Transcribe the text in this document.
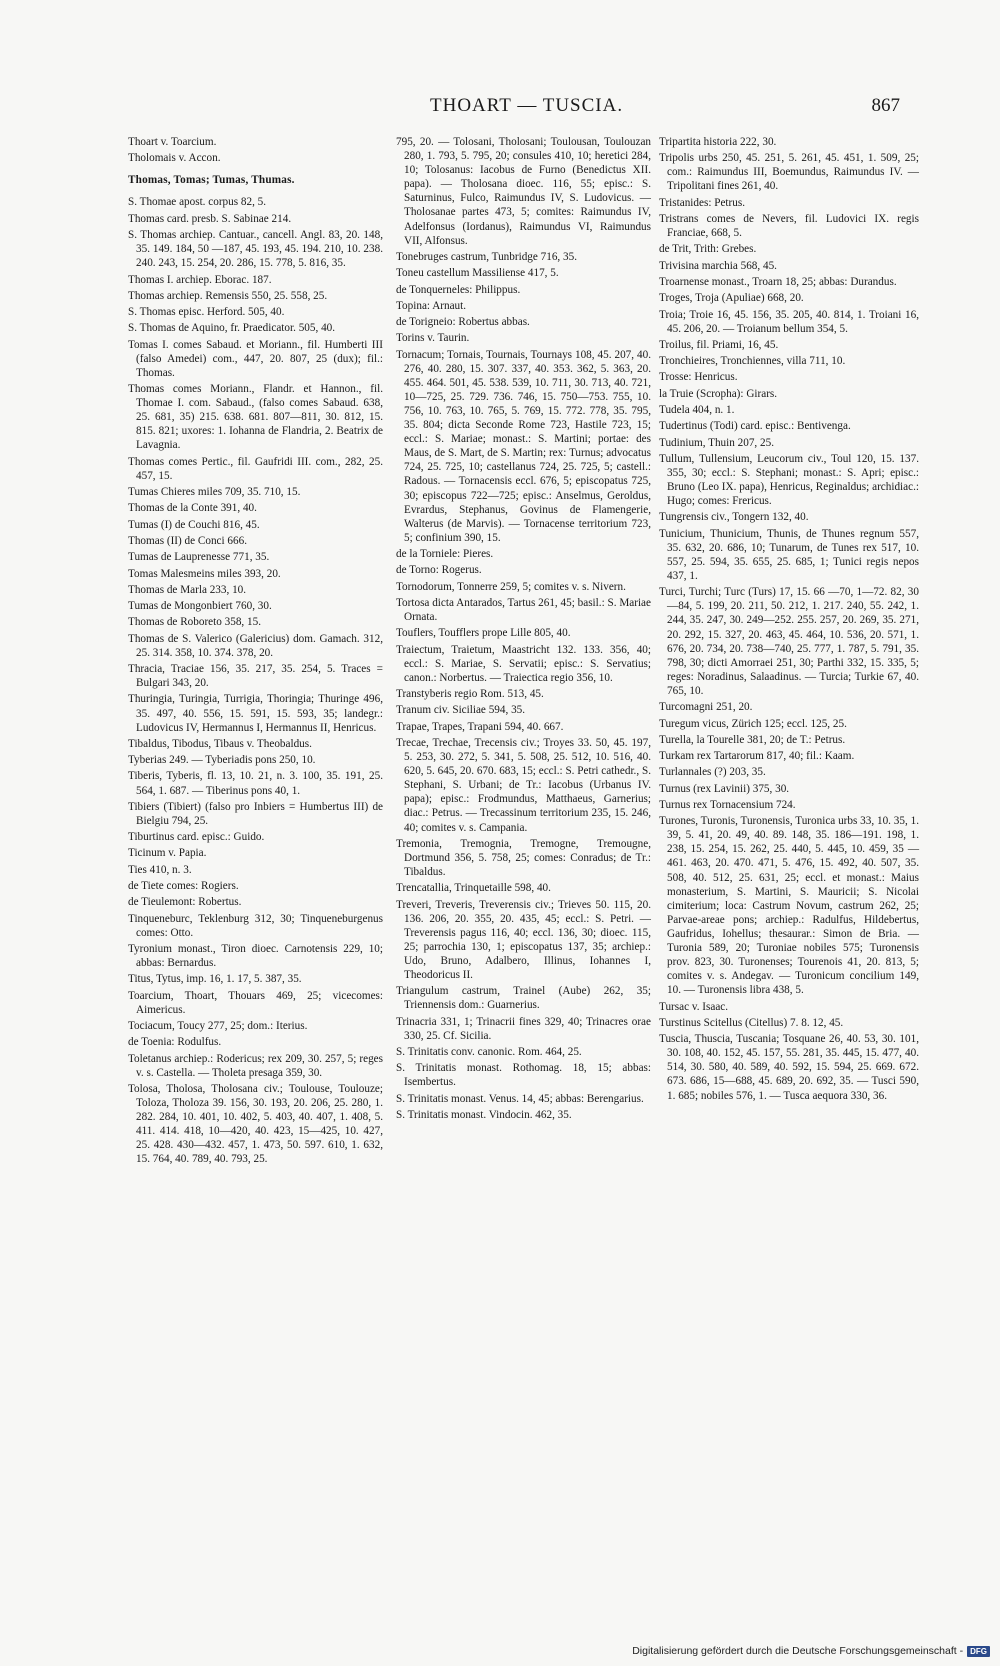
THOART — TUSCIA.	867

Thoart v. Toarcium.

Tholomais v. Accon.

Thomas, Tomas; Tumas, Thumas.

S. Thomae apost. corpus 82, 5.

Thomas card. presb. S. Sabinae 214.

S. Thomas archiep. Cantuar., cancell. Angl. 83, 20. 148, 35. 149. 184, 50 —187, 45. 193, 45. 194. 210, 10. 238. 240. 243, 15. 254, 20. 286, 15. 778, 5. 816, 35.

Thomas I. archiep. Eborac. 187.

Thomas archiep. Remensis 550, 25. 558, 25.

S. Thomas episc. Herford. 505, 40.

S. Thomas de Aquino, fr. Praedicator. 505, 40.

Tomas I. comes Sabaud. et Moriann., fil. Humberti III (falso Amedei) com., 447, 20. 807, 25 (dux); fil.: Thomas.

Thomas comes Moriann., Flandr. et Hannon., fil. Thomae I. com. Sabaud., (falso comes Sabaud. 638, 25. 681, 35) 215. 638. 681. 807—811, 30. 812, 15. 815. 821; uxores: 1. Iohanna de Flandria, 2. Beatrix de Lavagnia.

Thomas comes Pertic., fil. Gaufridi III. com., 282, 25. 457, 15.

Tumas Chieres miles 709, 35. 710, 15.

Thomas de la Conte 391, 40.

Tumas (I) de Couchi 816, 45.

Thomas (II) de Conci 666.

Tumas de Lauprenesse 771, 35.

Tomas Malesmeins miles 393, 20.

Thomas de Marla 233, 10.

Tumas de Mongonbiert 760, 30.

Thomas de Roboreto 358, 15.

Thomas de S. Valerico (Galericius) dom. Gamach. 312, 25. 314. 358, 10. 374. 378, 20.

Thracia, Traciae 156, 35. 217, 35. 254, 5. Traces = Bulgari 343, 20.

Thuringia, Turingia, Turrigia, Thoringia; Thuringe 496, 35. 497, 40. 556, 15. 591, 15. 593, 35; landegr.: Ludovicus IV, Hermannus I, Hermannus II, Henricus.

Tibaldus, Tibodus, Tibaus v. Theobaldus.

Tyberias 249. — Tyberiadis pons 250, 10.

Tiberis, Tyberis, fl. 13, 10. 21, n. 3. 100, 35. 191, 25. 564, 1. 687. — Tiberinus pons 40, 1.

Tibiers (Tibiert) (falso pro Inbiers = Humbertus III) de Bielgiu 794, 25.

Tiburtinus card. episc.: Guido.

Ticinum v. Papia.

Ties 410, n. 3.

de Tiete comes: Rogiers.

de Tieulemont: Robertus.

Tinqueneburc, Teklenburg 312, 30; Tinqueneburgenus comes: Otto.

Tyronium monast., Tiron dioec. Carnotensis 229, 10; abbas: Bernardus.

Titus, Tytus, imp. 16, 1. 17, 5. 387, 35.

Toarcium, Thoart, Thouars 469, 25; vicecomes: Aimericus.

Tociacum, Toucy 277, 25; dom.: Iterius.

de Toenia: Rodulfus.

Toletanus archiep.: Rodericus; rex 209, 30. 257, 5; reges v. s. Castella. — Tholeta presaga 359, 30.

Tolosa, Tholosa, Tholosana civ.; Toulouse, Toulouze; Toloza, Tholoza 39. 156, 30. 193, 20. 206, 25. 280, 1. 282. 284, 10. 401, 10. 402, 5. 403, 40. 407, 1. 408, 5. 411. 414. 418, 10—420, 40. 423, 15—425, 10. 427, 25. 428. 430—432. 457, 1. 473, 50. 597. 610, 1. 632, 15. 764, 40. 789, 40. 793, 25.

795, 20. — Tolosani, Tholosani; Toulousan, Toulouzan 280, 1. 793, 5. 795, 20; consules 410, 10; heretici 284, 10; Tolosanus: Iacobus de Furno (Benedictus XII. papa). — Tholosana dioec. 116, 55; episc.: S. Saturninus, Fulco, Raimundus IV, S. Ludovicus. — Tholosanae partes 473, 5; comites: Raimundus IV, Adelfonsus (Iordanus), Raimundus VI, Raimundus VII, Alfonsus.

Tonebruges castrum, Tunbridge 716, 35.

Toneu castellum Massiliense 417, 5.

de Tonquerneles: Philippus.

Topina: Arnaut.

de Torigneio: Robertus abbas.

Torins v. Taurin.

Tornacum; Tornais, Tournais, Tournays 108, 45. 207, 40. 276, 40. 280, 15. 307. 337, 40. 353. 362, 5. 363, 20. 455. 464. 501, 45. 538. 539, 10. 711, 30. 713, 40. 721, 10—725, 25. 729. 736. 746, 15. 750—753. 755, 10. 756, 10. 763, 10. 765, 5. 769, 15. 772. 778, 35. 795, 35. 804; dicta Seconde Rome 723, Hastile 723, 15; eccl.: S. Mariae; monast.: S. Martini; portae: des Maus, de S. Mart, de S. Martin; rex: Turnus; advocatus 724, 25. 725, 10; castellanus 724, 25. 725, 5; castell.: Radous. — Tornacensis eccl. 676, 5; episcopatus 725, 30; episcopus 722—725; episc.: Anselmus, Geroldus, Evrardus, Stephanus, Govinus de Flamengerie, Walterus (de Marvis). — Tornacense territorium 723, 5; confinium 390, 15.

de la Torniele: Pieres.

de Torno: Rogerus.

Tornodorum, Tonnerre 259, 5; comites v. s. Nivern.

Tortosa dicta Antarados, Tartus 261, 45; basil.: S. Mariae Ornata.

Touflers, Toufflers prope Lille 805, 40.

Traiectum, Traietum, Maastricht 132. 133. 356, 40; eccl.: S. Mariae, S. Servatii; episc.: S. Servatius; canon.: Norbertus. — Traiectica regio 356, 10.

Transtyberis regio Rom. 513, 45.

Tranum civ. Siciliae 594, 35.

Trapae, Trapes, Trapani 594, 40. 667.

Trecae, Trechae, Trecensis civ.; Troyes 33. 50, 45. 197, 5. 253, 30. 272, 5. 341, 5. 508, 25. 512, 10. 516, 40. 620, 5. 645, 20. 670. 683, 15; eccl.: S. Petri cathedr., S. Stephani, S. Urbani; de Tr.: Iacobus (Urbanus IV. papa); episc.: Frodmundus, Matthaeus, Garnerius; diac.: Petrus. — Trecassinum territorium 235, 15. 246, 40; comites v. s. Campania.

Tremonia, Tremognia, Tremogne, Tremougne, Dortmund 356, 5. 758, 25; comes: Conradus; de Tr.: Tibaldus.

Trencatallia, Trinquetaille 598, 40.

Treveri, Treveris, Treverensis civ.; Trieves 50. 115, 20. 136. 206, 20. 355, 20. 435, 45; eccl.: S. Petri. — Treverensis pagus 116, 40; eccl. 136, 30; dioec. 115, 25; parrochia 130, 1; episcopatus 137, 35; archiep.: Udo, Bruno, Adalbero, Illinus, Iohannes I, Theodoricus II.

Triangulum castrum, Trainel (Aube) 262, 35; Triennensis dom.: Guarnerius.

Trinacria 331, 1; Trinacrii fines 329, 40; Trinacres orae 330, 25. Cf. Sicilia.

S. Trinitatis conv. canonic. Rom. 464, 25.

S. Trinitatis monast. Rothomag. 18, 15; abbas: Isembertus.

S. Trinitatis monast. Venus. 14, 45; abbas: Berengarius.

S. Trinitatis monast. Vindocin. 462, 35.

Tripartita historia 222, 30.

Tripolis urbs 250, 45. 251, 5. 261, 45. 451, 1. 509, 25; com.: Raimundus III, Boemundus, Raimundus IV. — Tripolitani fines 261, 40.

Tristanides: Petrus.

Tristrans comes de Nevers, fil. Ludovici IX. regis Franciae, 668, 5.

de Trit, Trith: Grebes.

Trivisina marchia 568, 45.

Troarnense monast., Troarn 18, 25; abbas: Durandus.

Troges, Troja (Apuliae) 668, 20.

Troia; Troie 16, 45. 156, 35. 205, 40. 814, 1. Troiani 16, 45. 206, 20. — Troianum bellum 354, 5.

Troilus, fil. Priami, 16, 45.

Tronchieires, Tronchiennes, villa 711, 10.

Trosse: Henricus.

la Truie (Scropha): Girars.

Tudela 404, n. 1.

Tudertinus (Todi) card. episc.: Bentivenga.

Tudinium, Thuin 207, 25.

Tullum, Tullensium, Leucorum civ., Toul 120, 15. 137. 355, 30; eccl.: S. Stephani; monast.: S. Apri; episc.: Bruno (Leo IX. papa), Henricus, Reginaldus; archidiac.: Hugo; comes: Frericus.

Tungrensis civ., Tongern 132, 40.

Tunicium, Thunicium, Thunis, de Thunes regnum 557, 35. 632, 20. 686, 10; Tunarum, de Tunes rex 517, 10. 557, 25. 594, 35. 655, 25. 685, 1; Tunici regis nepos 437, 1.

Turci, Turchi; Turc (Turs) 17, 15. 66 —70, 1—72. 82, 30—84, 5. 199, 20. 211, 50. 212, 1. 217. 240, 55. 242, 1. 244, 35. 247, 30. 249—252. 255. 257, 20. 269, 35. 271, 20. 292, 15. 327, 20. 463, 45. 464, 10. 536, 20. 571, 1. 676, 20. 734, 20. 738—740, 25. 777, 1. 787, 5. 791, 35. 798, 30; dicti Amorraei 251, 30; Parthi 332, 15. 335, 5; reges: Noradinus, Salaadinus. — Turcia; Turkie 67, 40. 765, 10.

Turcomagni 251, 20.

Turegum vicus, Zürich 125; eccl. 125, 25.

Turella, la Tourelle 381, 20; de T.: Petrus.

Turkam rex Tartarorum 817, 40; fil.: Kaam.

Turlannales (?) 203, 35.

Turnus (rex Lavinii) 375, 30.

Turnus rex Tornacensium 724.

Turones, Turonis, Turonensis, Turonica urbs 33, 10. 35, 1. 39, 5. 41, 20. 49, 40. 89. 148, 35. 186—191. 198, 1. 238, 15. 254, 15. 262, 25. 440, 5. 445, 10. 459, 35 —461. 463, 20. 470. 471, 5. 476, 15. 492, 40. 507, 35. 508, 40. 512, 25. 631, 25; eccl. et monast.: Maius monasterium, S. Martini, S. Mauricii; S. Nicolai cimiterium; loca: Castrum Novum, castrum 262, 25; Parvae-areae pons; archiep.: Radulfus, Hildebertus, Gaufridus, Iohellus; thesaurar.: Simon de Bria. — Turonia 589, 20; Turoniae nobiles 575; Turonensis prov. 823, 30. Turonenses; Tourenois 41, 20. 813, 5; comites v. s. Andegav. — Turonicum concilium 149, 10. — Turonensis libra 438, 5.

Tursac v. Isaac.

Turstinus Scitellus (Citellus) 7. 8. 12, 45.

Tuscia, Thuscia, Tuscania; Tosquane 26, 40. 53, 30. 101, 30. 108, 40. 152, 45. 157, 55. 281, 35. 445, 15. 477, 40. 514, 30. 580, 40. 589, 40. 592, 15. 594, 25. 669. 672. 673. 686, 15—688, 45. 689, 20. 692, 35. — Tusci 590, 1. 685; nobiles 576, 1. — Tusca aequora 330, 36.

Digitalisierung gefördert durch die Deutsche Forschungsgemeinschaft - DFG
